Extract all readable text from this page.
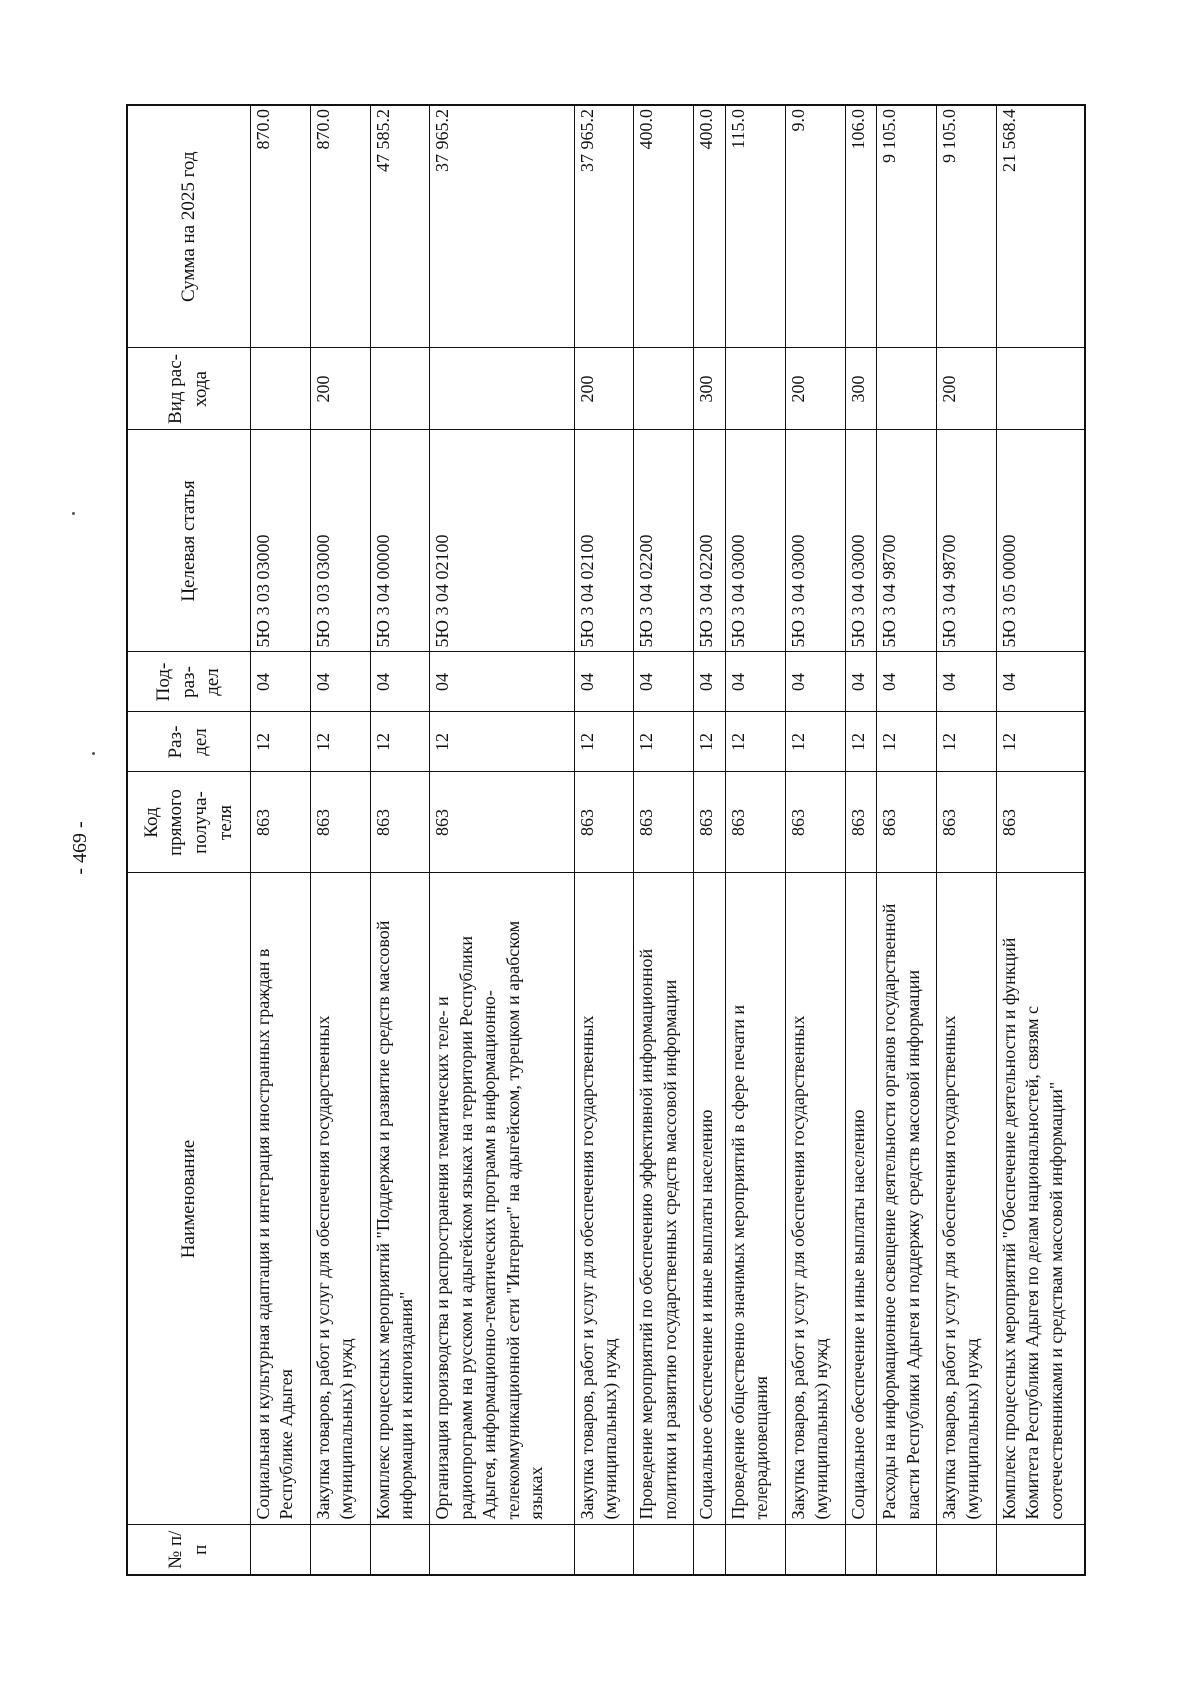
- 469 -
№ п/п	Наименование	Код прямого получа- теля	Раз- дел	Под- раз- дел	Целевая статья	Вид рас- хода	Сумма на 2025 год
	Социальная и культурная адаптация и интеграция иностранных граждан в Республике Адыгея	863	12	04	5Ю 3 03 03000		870.0
	Закупка товаров, работ и услуг для обеспечения государственных (муниципальных) нужд	863	12	04	5Ю 3 03 03000	200	870.0
	Комплекс процессных мероприятий "Поддержка и развитие средств массовой информации и книгоиздания"	863	12	04	5Ю 3 04 00000		47 585.2
	Организация производства и распространения тематических теле- и радиопрограмм на русском и адыгейском языках на территории Республики Адыгея, информационно-тематических программ в информационно-телекоммуникационной сети "Интернет" на адыгейском, турецком и арабском языках	863	12	04	5Ю 3 04 02100		37 965.2
	Закупка товаров, работ и услуг для обеспечения государственных (муниципальных) нужд	863	12	04	5Ю 3 04 02100	200	37 965.2
	Проведение мероприятий по обеспечению эффективной информационной политики и развитию государственных средств массовой информации	863	12	04	5Ю 3 04 02200		400.0
	Социальное обеспечение и иные выплаты населению	863	12	04	5Ю 3 04 02200	300	400.0
	Проведение общественно значимых мероприятий в сфере печати и телерадиовещания	863	12	04	5Ю 3 04 03000		115.0
	Закупка товаров, работ и услуг для обеспечения государственных (муниципальных) нужд	863	12	04	5Ю 3 04 03000	200	9.0
	Социальное обеспечение и иные выплаты населению	863	12	04	5Ю 3 04 03000	300	106.0
	Расходы на информационное освещение деятельности органов государственной власти Республики Адыгея и поддержку средств массовой информации	863	12	04	5Ю 3 04 98700		9 105.0
	Закупка товаров, работ и услуг для обеспечения государственных (муниципальных) нужд	863	12	04	5Ю 3 04 98700	200	9 105.0
	Комплекс процессных мероприятий "Обеспечение деятельности и функций Комитета Республики Адыгея по делам национальностей, связям с соотечественниками и средствам массовой информации"	863	12	04	5Ю 3 05 00000		21 568.4
